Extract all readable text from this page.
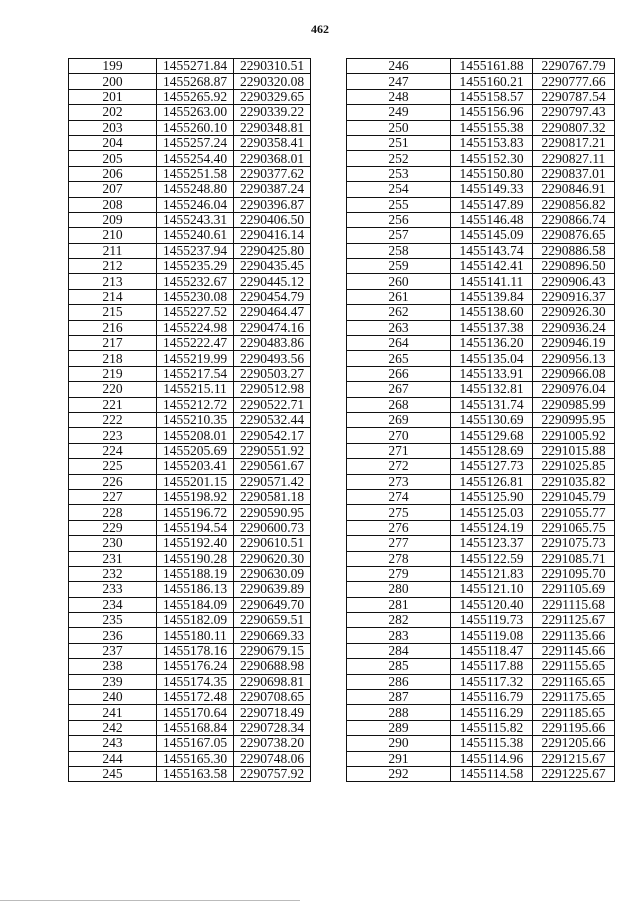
462
199	1455271.84	2290310.51
200	1455268.87	2290320.08
201	1455265.92	2290329.65
202	1455263.00	2290339.22
203	1455260.10	2290348.81
204	1455257.24	2290358.41
205	1455254.40	2290368.01
206	1455251.58	2290377.62
207	1455248.80	2290387.24
208	1455246.04	2290396.87
209	1455243.31	2290406.50
210	1455240.61	2290416.14
211	1455237.94	2290425.80
212	1455235.29	2290435.45
213	1455232.67	2290445.12
214	1455230.08	2290454.79
215	1455227.52	2290464.47
216	1455224.98	2290474.16
217	1455222.47	2290483.86
218	1455219.99	2290493.56
219	1455217.54	2290503.27
220	1455215.11	2290512.98
221	1455212.72	2290522.71
222	1455210.35	2290532.44
223	1455208.01	2290542.17
224	1455205.69	2290551.92
225	1455203.41	2290561.67
226	1455201.15	2290571.42
227	1455198.92	2290581.18
228	1455196.72	2290590.95
229	1455194.54	2290600.73
230	1455192.40	2290610.51
231	1455190.28	2290620.30
232	1455188.19	2290630.09
233	1455186.13	2290639.89
234	1455184.09	2290649.70
235	1455182.09	2290659.51
236	1455180.11	2290669.33
237	1455178.16	2290679.15
238	1455176.24	2290688.98
239	1455174.35	2290698.81
240	1455172.48	2290708.65
241	1455170.64	2290718.49
242	1455168.84	2290728.34
243	1455167.05	2290738.20
244	1455165.30	2290748.06
245	1455163.58	2290757.92
246	1455161.88	2290767.79
247	1455160.21	2290777.66
248	1455158.57	2290787.54
249	1455156.96	2290797.43
250	1455155.38	2290807.32
251	1455153.83	2290817.21
252	1455152.30	2290827.11
253	1455150.80	2290837.01
254	1455149.33	2290846.91
255	1455147.89	2290856.82
256	1455146.48	2290866.74
257	1455145.09	2290876.65
258	1455143.74	2290886.58
259	1455142.41	2290896.50
260	1455141.11	2290906.43
261	1455139.84	2290916.37
262	1455138.60	2290926.30
263	1455137.38	2290936.24
264	1455136.20	2290946.19
265	1455135.04	2290956.13
266	1455133.91	2290966.08
267	1455132.81	2290976.04
268	1455131.74	2290985.99
269	1455130.69	2290995.95
270	1455129.68	2291005.92
271	1455128.69	2291015.88
272	1455127.73	2291025.85
273	1455126.81	2291035.82
274	1455125.90	2291045.79
275	1455125.03	2291055.77
276	1455124.19	2291065.75
277	1455123.37	2291075.73
278	1455122.59	2291085.71
279	1455121.83	2291095.70
280	1455121.10	2291105.69
281	1455120.40	2291115.68
282	1455119.73	2291125.67
283	1455119.08	2291135.66
284	1455118.47	2291145.66
285	1455117.88	2291155.65
286	1455117.32	2291165.65
287	1455116.79	2291175.65
288	1455116.29	2291185.65
289	1455115.82	2291195.66
290	1455115.38	2291205.66
291	1455114.96	2291215.67
292	1455114.58	2291225.67
